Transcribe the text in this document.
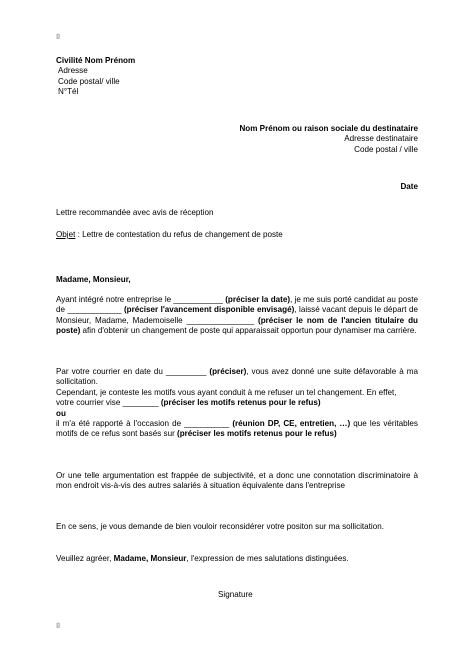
⌷

Civilité Nom Prénom

Adresse

Code postal/ ville

N°Tél

Nom Prénom ou raison sociale du destinataire

Adresse destinataire

Code postal / ville

Date
Lettre recommandée avec avis de réception
Objet : Lettre de contestation du refus de changement de poste
Madame, Monsieur,
Ayant intégré notre entreprise le ___________ (préciser la date), je me suis porté candidat au poste de ____________ (préciser l'avancement disponible envisagé), laissé vacant depuis le départ de Monsieur, Madame, Mademoiselle _______________ (préciser le nom de l'ancien titulaire du poste) afin d'obtenir un changement de poste qui apparaissait opportun pour dynamiser ma carrière.

Par votre courrier en date du _________ (préciser), vous avez donné une suite défavorable à ma sollicitation.

Cependant, je conteste les motifs vous ayant conduit à me refuser un tel changement. En effet,

votre courrier vise ________ (préciser les motifs retenus pour le refus)

ou

il m'a été rapporté à l'occasion de __________ (réunion DP, CE, entretien, …) que les véritables motifs de ce refus sont basés sur (préciser les motifs retenus pour le refus)

Or une telle argumentation est frappée de subjectivité, et a donc une connotation discriminatoire à mon endroit vis-à-vis des autres salariés à situation équivalente dans l'entreprise
En ce sens, je vous demande de bien vouloir reconsidérer votre positon sur ma sollicitation.
Veuillez agréer, Madame, Monsieur, l'expression de mes salutations distinguées.
Signature
⌷
